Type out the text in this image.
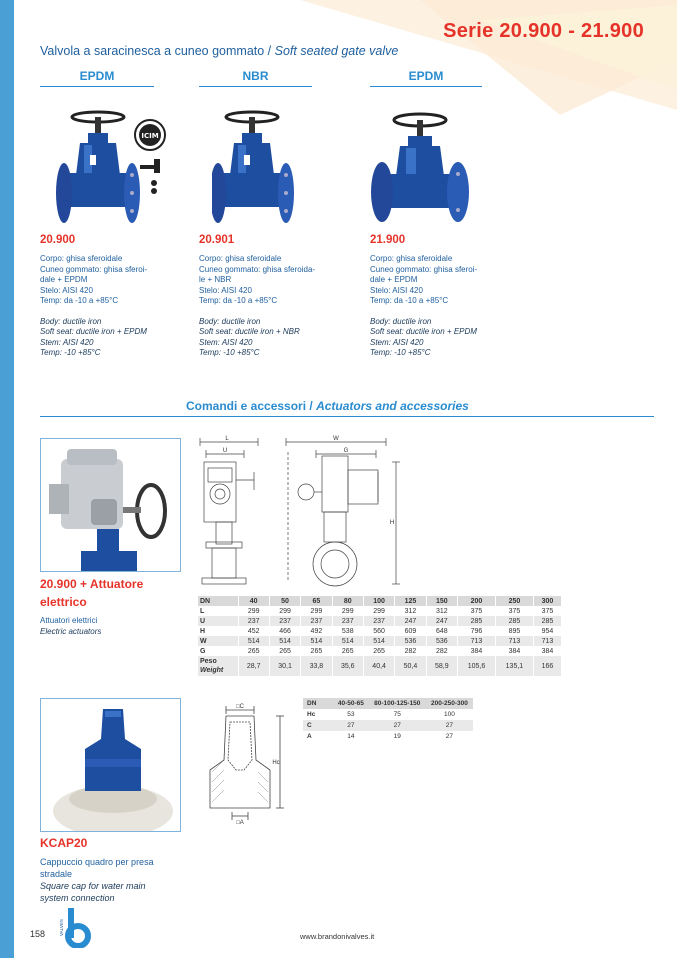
Serie 20.900 - 21.900
Valvola a saracinesca a cuneo gommato / Soft seated gate valve
EPDM	NBR	EPDM
ICIM
20.900

Corpo: ghisa sferoidale

Cuneo gommato: ghisa sferoi-

dale + EPDM

Stelo: AISI 420

Temp: da -10 a +85°C

Body: ductile iron

Soft seat: ductile iron + EPDM

Stem: AISI 420

Temp: -10 +85°C

20.901

Corpo: ghisa sferoidale

Cuneo gommato: ghisa sferoida-

le + NBR

Stelo: AISI 420

Temp: da -10 a +85°C

Body: ductile iron

Soft seat: ductile iron + NBR

Stem: AISI 420

Temp: -10 +85°C

21.900

Corpo: ghisa sferoidale

Cuneo gommato: ghisa sferoi-

dale + EPDM

Stelo: AISI 420

Temp: da -10 a +85°C

Body: ductile iron

Soft seat: ductile iron + EPDM

Stem: AISI 420

Temp: -10 +85°C

Comandi e accessori / Actuators and accessories

20.900 + Attuatore

elettrico

Attuatori elettrici

Electric actuators

L
U
W
G
H
DN	40	50	65	80	100	125	150	200	250	300
L	299	299	299	299	299	312	312	375	375	375
U	237	237	237	237	237	247	247	285	285	285
H	452	466	492	538	560	609	648	796	895	954
W	514	514	514	514	514	536	536	713	713	713
G	265	265	265	265	265	282	282	384	384	384
Peso
Weight	28,7	30,1	33,8	35,6	40,4	50,4	58,9	105,6	135,1	166
□C
□A
Hc
DN	40-50-65	80-100-125-150	200-250-300
Hc	53	75	100
C	27	27	27
A	14	19	27
KCAP20

Cappuccio quadro per presa

stradale

Square cap for water main

system connection

158	VALVES
www.brandonivalves.it
